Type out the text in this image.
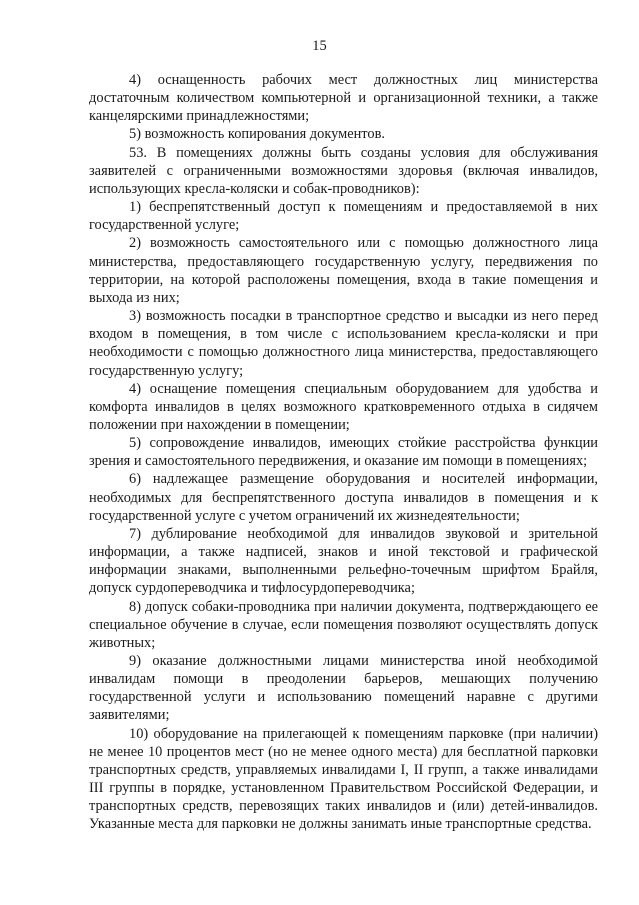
15

4) оснащенность рабочих мест должностных лиц министерства достаточным количеством компьютерной и организационной техники, а также канцелярскими принадлежностями;

5) возможность копирования документов.

53. В помещениях должны быть созданы условия для обслуживания заявителей с ограниченными возможностями здоровья (включая инвалидов, использующих кресла-коляски и собак-проводников):

1) беспрепятственный доступ к помещениям и предоставляемой в них государственной услуге;

2) возможность самостоятельного или с помощью должностного лица министерства, предоставляющего государственную услугу, передвижения по территории, на которой расположены помещения, входа в такие помещения и выхода из них;

3) возможность посадки в транспортное средство и высадки из него перед входом в помещения, в том числе с использованием кресла-коляски и при необходимости с помощью должностного лица министерства, предоставляющего государственную услугу;

4) оснащение помещения специальным оборудованием для удобства и комфорта инвалидов в целях возможного кратковременного отдыха в сидячем положении при нахождении в помещении;

5) сопровождение инвалидов, имеющих стойкие расстройства функции зрения и самостоятельного передвижения, и оказание им помощи в помещениях;

6) надлежащее размещение оборудования и носителей информации, необходимых для беспрепятственного доступа инвалидов в помещения и к государственной услуге с учетом ограничений их жизнедеятельности;

7) дублирование необходимой для инвалидов звуковой и зрительной информации, а также надписей, знаков и иной текстовой и графической информации знаками, выполненными рельефно-точечным шрифтом Брайля, допуск сурдопереводчика и тифлосурдопереводчика;

8) допуск собаки-проводника при наличии документа, подтверждающего ее специальное обучение в случае, если помещения позволяют осуществлять допуск животных;

9) оказание должностными лицами министерства иной необходимой инвалидам помощи в преодолении барьеров, мешающих получению государственной услуги и использованию помещений наравне с другими заявителями;

10) оборудование на прилегающей к помещениям парковке (при наличии) не менее 10 процентов мест (но не менее одного места) для бесплатной парковки транспортных средств, управляемых инвалидами I, II групп, а также инвалидами III группы в порядке, установленном Правительством Российской Федерации, и транспортных средств, перевозящих таких инвалидов и (или) детей-инвалидов. Указанные места для парковки не должны занимать иные транспортные средства.
